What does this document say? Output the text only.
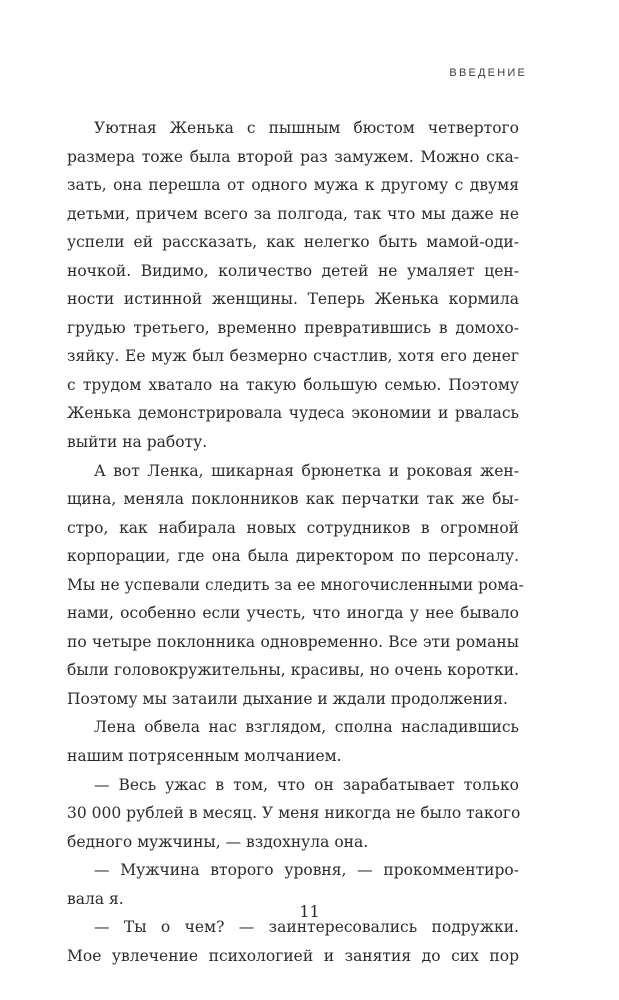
ВВЕДЕНИЕ
Уютная Женька с пышным бюстом четвертого
размера тоже была второй раз замужем. Можно ска-
зать, она перешла от одного мужа к другому с двумя
детьми, причем всего за полгода, так что мы даже не
успели ей рассказать, как нелегко быть мамой-оди-
ночкой. Видимо, количество детей не умаляет цен-
ности истинной женщины. Теперь Женька кормила
грудью третьего, временно превратившись в домохо-
зяйку. Ее муж был безмерно счастлив, хотя его денег
с трудом хватало на такую большую семью. Поэтому
Женька демонстрировала чудеса экономии и рвалась
выйти на работу.
А вот Ленка, шикарная брюнетка и роковая жен-
щина, меняла поклонников как перчатки так же бы-
стро, как набирала новых сотрудников в огромной
корпорации, где она была директором по персоналу.
Мы не успевали следить за ее многочисленными рома-
нами, особенно если учесть, что иногда у нее бывало
по четыре поклонника одновременно. Все эти романы
были головокружительны, красивы, но очень коротки.
Поэтому мы затаили дыхание и ждали продолжения.
Лена обвела нас взглядом, сполна насладившись
нашим потрясенным молчанием.
— Весь ужас в том, что он зарабатывает только
30 000 рублей в месяц. У меня никогда не было такого
бедного мужчины, — вздохнула она.
— Мужчина второго уровня, — прокомментиро-
вала я.
— Ты о чем? — заинтересовались подружки.
Мое увлечение психологией и занятия до сих пор
11
